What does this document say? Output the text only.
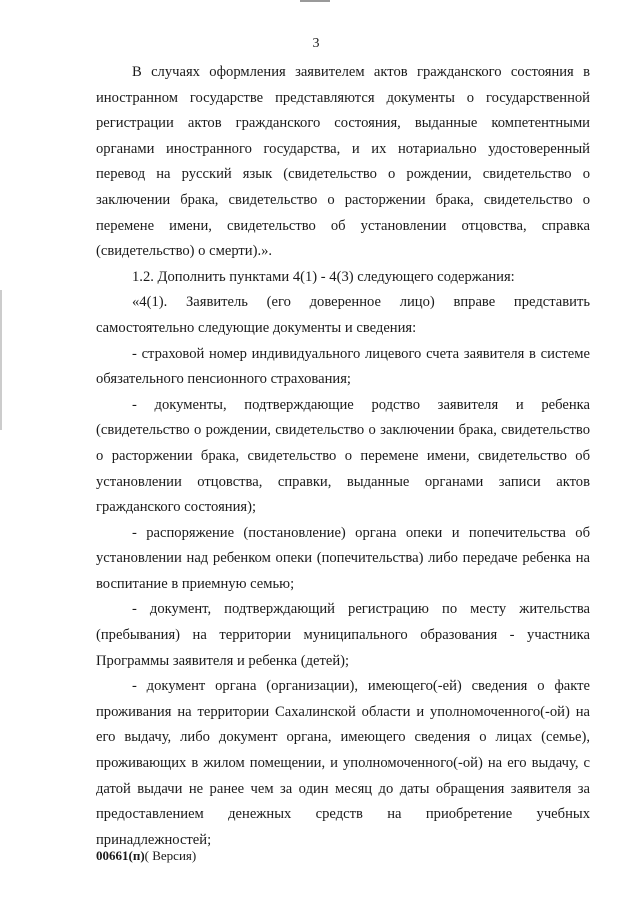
3

В случаях оформления заявителем актов гражданского состояния в иностранном государстве представляются документы о государственной регистрации актов гражданского состояния, выданные компетентными органами иностранного государства, и их нотариально удостоверенный перевод на русский язык (свидетельство о рождении, свидетельство о заключении брака, свидетельство о расторжении брака, свидетельство о перемене имени, свидетельство об установлении отцовства, справка (свидетельство) о смерти).».

1.2. Дополнить пунктами 4(1) - 4(3) следующего содержания:

«4(1). Заявитель (его доверенное лицо) вправе представить самостоятельно следующие документы и сведения:

- страховой номер индивидуального лицевого счета заявителя в системе обязательного пенсионного страхования;

- документы, подтверждающие родство заявителя и ребенка (свидетельство о рождении, свидетельство о заключении брака, свидетельство о расторжении брака, свидетельство о перемене имени, свидетельство об установлении отцовства, справки, выданные органами записи актов гражданского состояния);

- распоряжение (постановление) органа опеки и попечительства об установлении над ребенком опеки (попечительства) либо передаче ребенка на воспитание в приемную семью;

- документ, подтверждающий регистрацию по месту жительства (пребывания) на территории муниципального образования - участника Программы заявителя и ребенка (детей);

- документ органа (организации), имеющего(-ей) сведения о факте проживания на территории Сахалинской области и уполномоченного(-ой) на его выдачу, либо документ органа, имеющего сведения о лицах (семье), проживающих в жилом помещении, и уполномоченного(-ой) на его выдачу, с датой выдачи не ранее чем за один месяц до даты обращения заявителя за предоставлением денежных средств на приобретение учебных принадлежностей;

00661(п)( Версия)
